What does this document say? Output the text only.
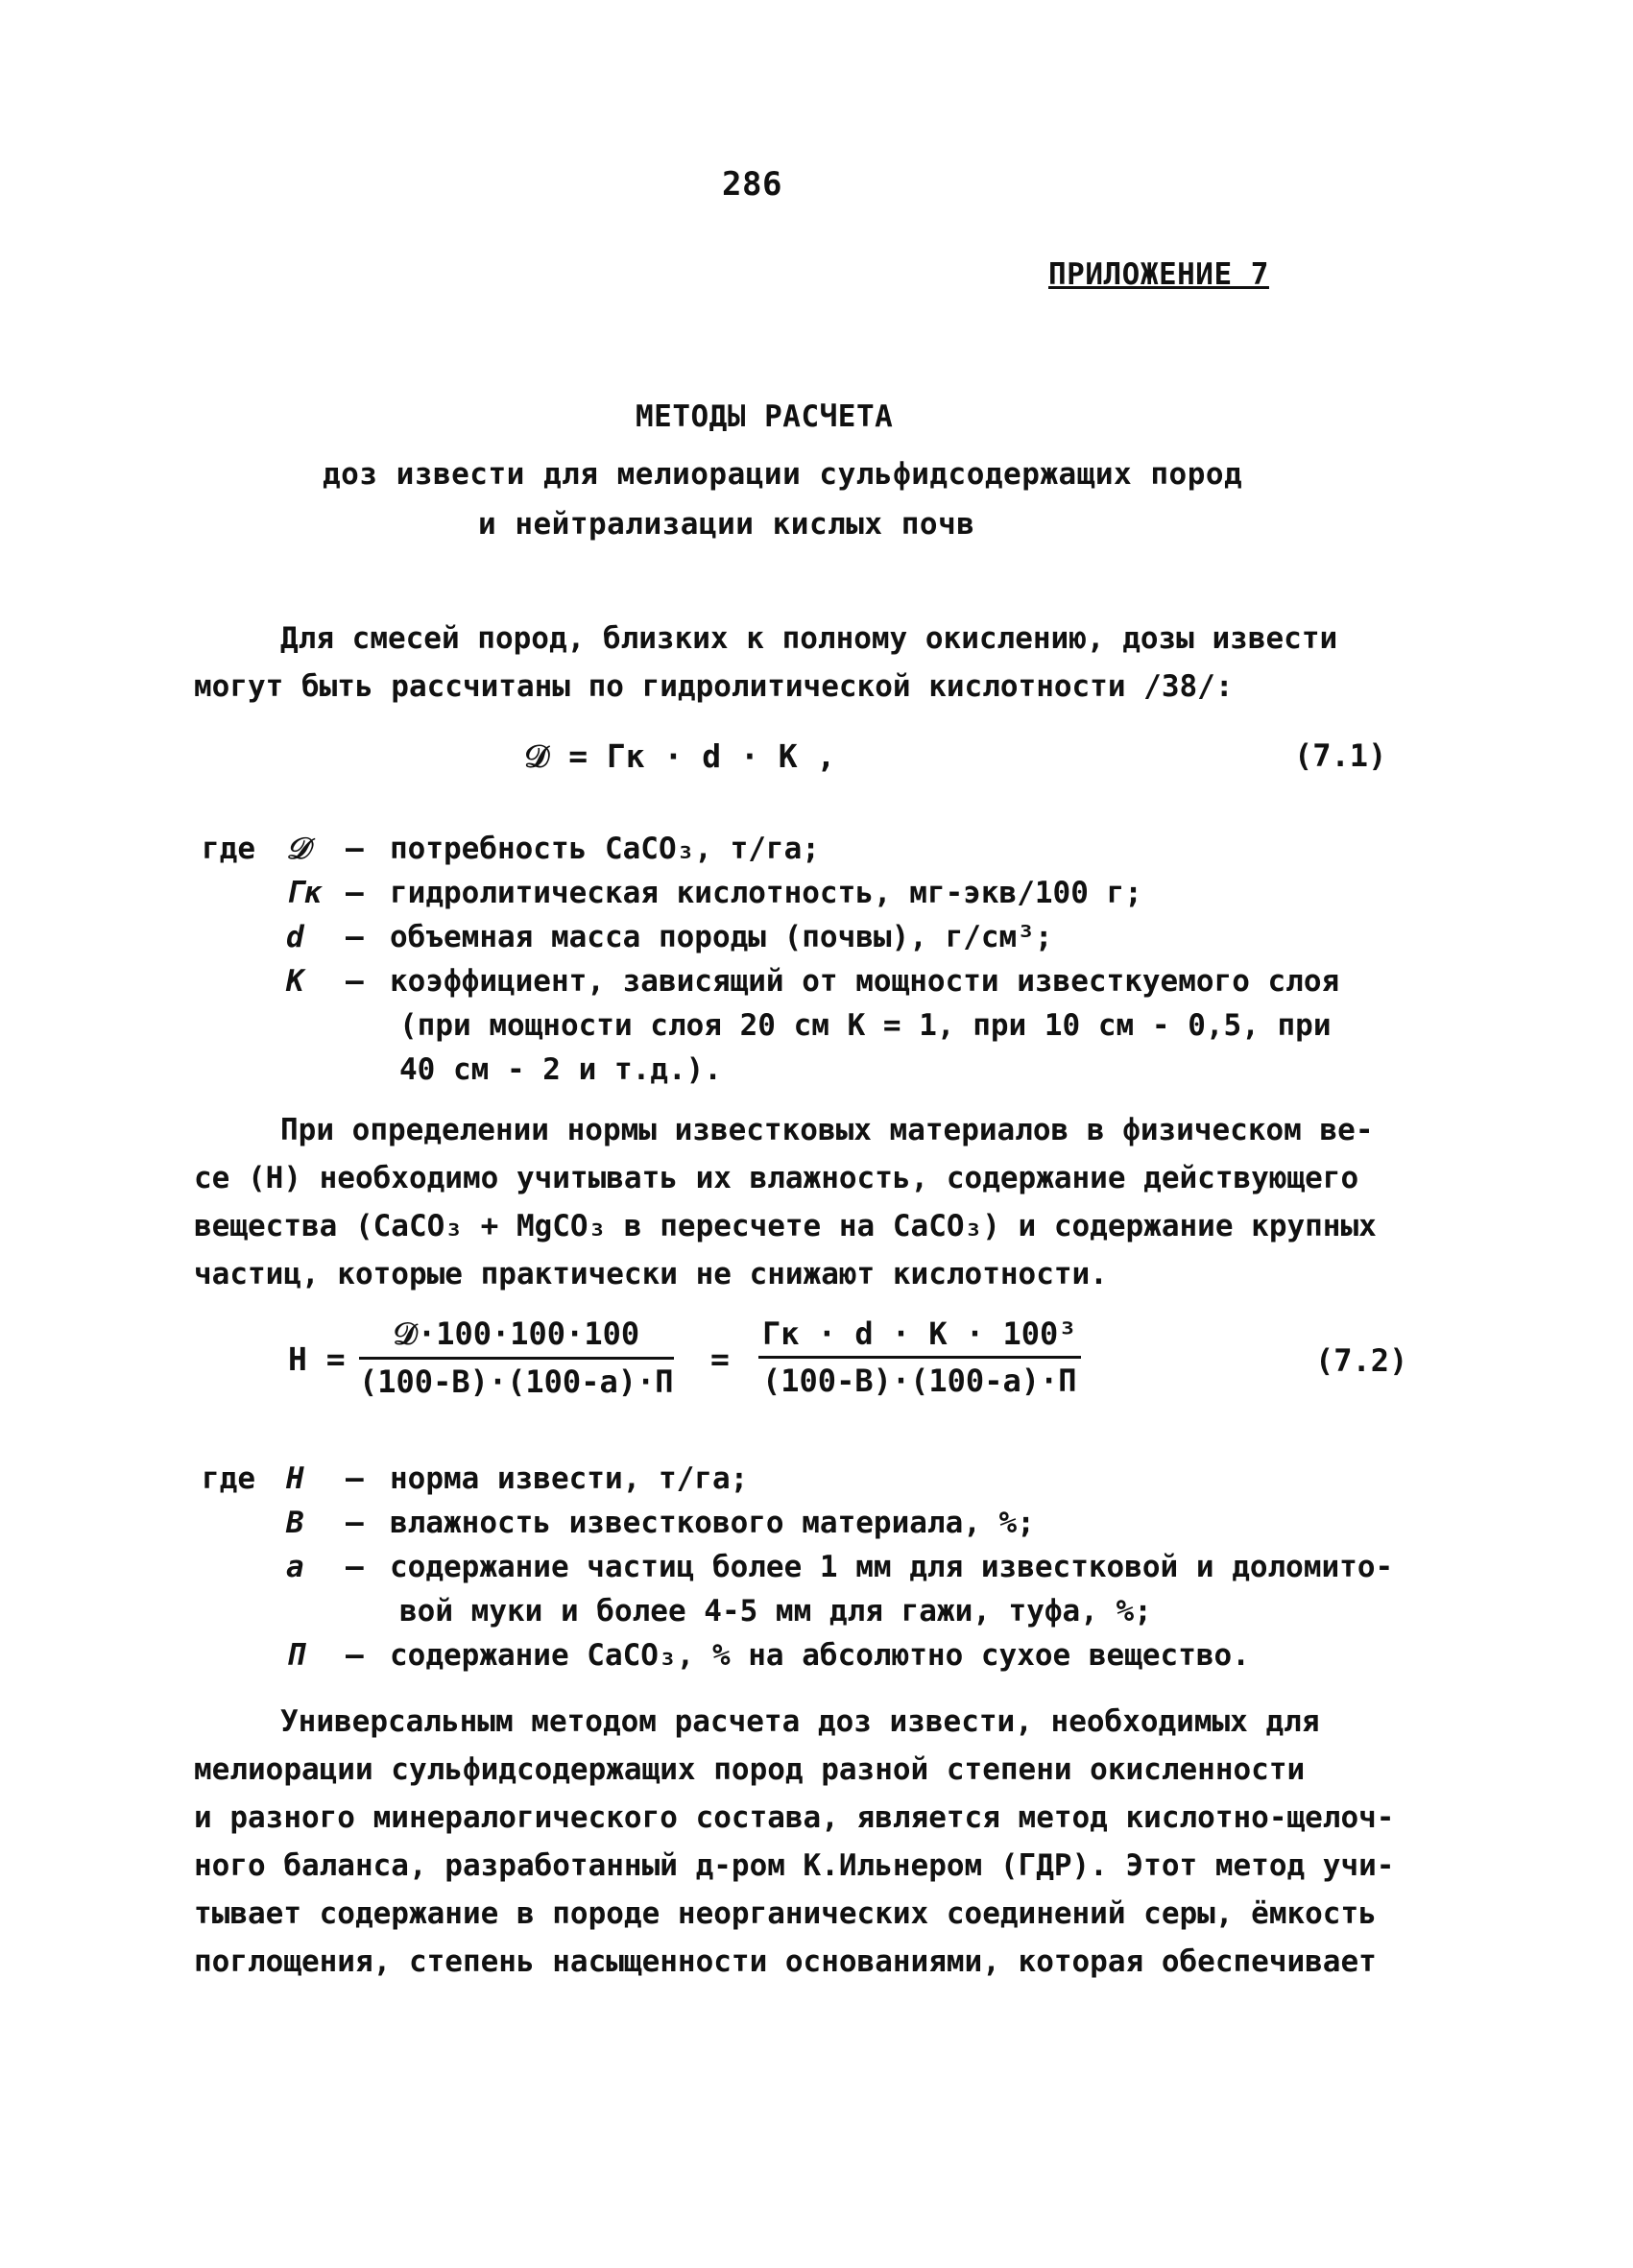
286
ПРИЛОЖЕНИЕ 7
МЕТОДЫ РАСЧЕТА
доз извести для мелиорации сульфидсодержащих пород
и нейтрализации кислых почв
Для смесей пород, близких к полному окислению, дозы извести
могут быть рассчитаны по гидролитической кислотности /38/:
𝒟 = Гк · d · К ,	(7.1)
где 𝒟 – потребность CaCO₃, т/га;
Гк – гидролитическая кислотность, мг-экв/100 г;
d – объемная масса породы (почвы), г/см³;
К – коэффициент, зависящий от мощности известкуемого слоя
(при мощности слоя 20 см К = 1, при 10 см - 0,5, при
40 см - 2 и т.д.).
При определении нормы известковых материалов в физическом ве-
се (Н) необходимо учитывать их влажность, содержание действующего
вещества (CaCO₃ + MgCO₃ в пересчете на CaCO₃) и содержание крупных
частиц, которые практически не снижают кислотности.
Н =
𝒟·100·100·100
(100-В)·(100-а)·П
=
Гк · d · К · 100³
(100-В)·(100-а)·П
(7.2)
где Н – норма извести, т/га;
В – влажность известкового материала, %;
а – содержание частиц более 1 мм для известковой и доломито-
вой муки и более 4-5 мм для гажи, туфа, %;
П – содержание CaCO₃, % на абсолютно сухое вещество.
Универсальным методом расчета доз извести, необходимых для
мелиорации сульфидсодержащих пород разной степени окисленности
и разного минералогического состава, является метод кислотно-щелоч-
ного баланса, разработанный д-ром К.Ильнером (ГДР). Этот метод учи-
тывает содержание в породе неорганических соединений серы, ёмкость
поглощения, степень насыщенности основаниями, которая обеспечивает
